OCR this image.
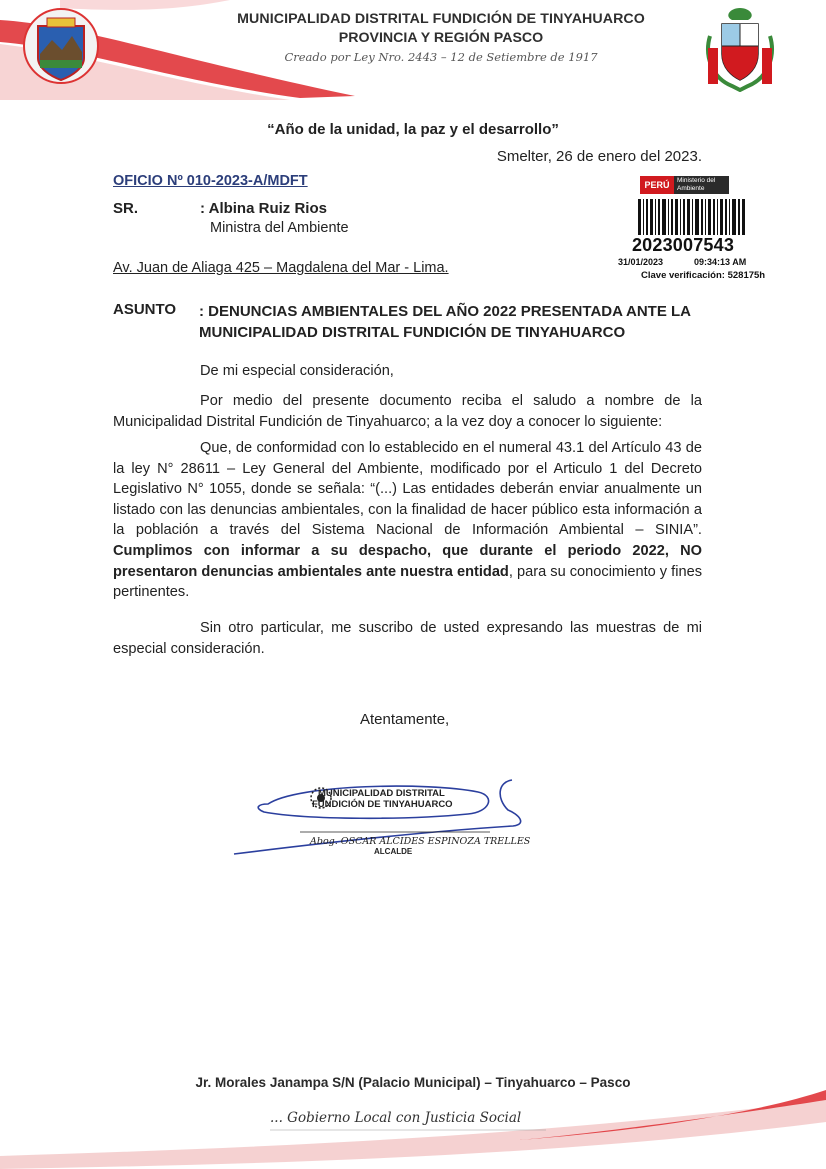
MUNICIPALIDAD DISTRITAL FUNDICIÓN DE TINYAHUARCO
PROVINCIA Y REGIÓN PASCO
Creado por Ley Nro. 2443 – 12 de Setiembre de 1917
“Año de la unidad, la paz y el desarrollo”
Smelter, 26 de enero del 2023.
OFICIO Nº 010-2023-A/MDFT
SR.	: Albina Ruiz Rios
Ministra del Ambiente
Av. Juan de Aliaga 425 – Magdalena del Mar - Lima.
PERÚ	Ministerio del Ambiente
2023007543
31/01/2023	09:34:13 AM
Clave verificación: 528175h
ASUNTO : DENUNCIAS AMBIENTALES DEL AÑO 2022 PRESENTADA ANTE LA MUNICIPALIDAD DISTRITAL FUNDICIÓN DE TINYAHUARCO
De mi especial consideración,
Por medio del presente documento reciba el saludo a nombre de la Municipalidad Distrital Fundición de Tinyahuarco; a la vez doy a conocer lo siguiente:
Que, de conformidad con lo establecido en el numeral 43.1 del Artículo 43 de la ley N° 28611 – Ley General del Ambiente, modificado por el Articulo 1 del Decreto Legislativo N° 1055, donde se señala: “(...) Las entidades deberán enviar anualmente un listado con las denuncias ambientales, con la finalidad de hacer público esta información a la población a través del Sistema Nacional de Información Ambiental – SINIA”. Cumplimos con informar a su despacho, que durante el periodo 2022, NO presentaron denuncias ambientales ante nuestra entidad, para su conocimiento y fines pertinentes.
Sin otro particular, me suscribo de usted expresando las muestras de mi especial consideración.
Atentamente,
MUNICIPALIDAD DISTRITAL
FUNDICIÓN DE TINYAHUARCO
Abog. OSCAR ALCIDES ESPINOZA TRELLES
ALCALDE
Jr. Morales Janampa S/N (Palacio Municipal) – Tinyahuarco – Pasco
... Gobierno Local con Justicia Social
